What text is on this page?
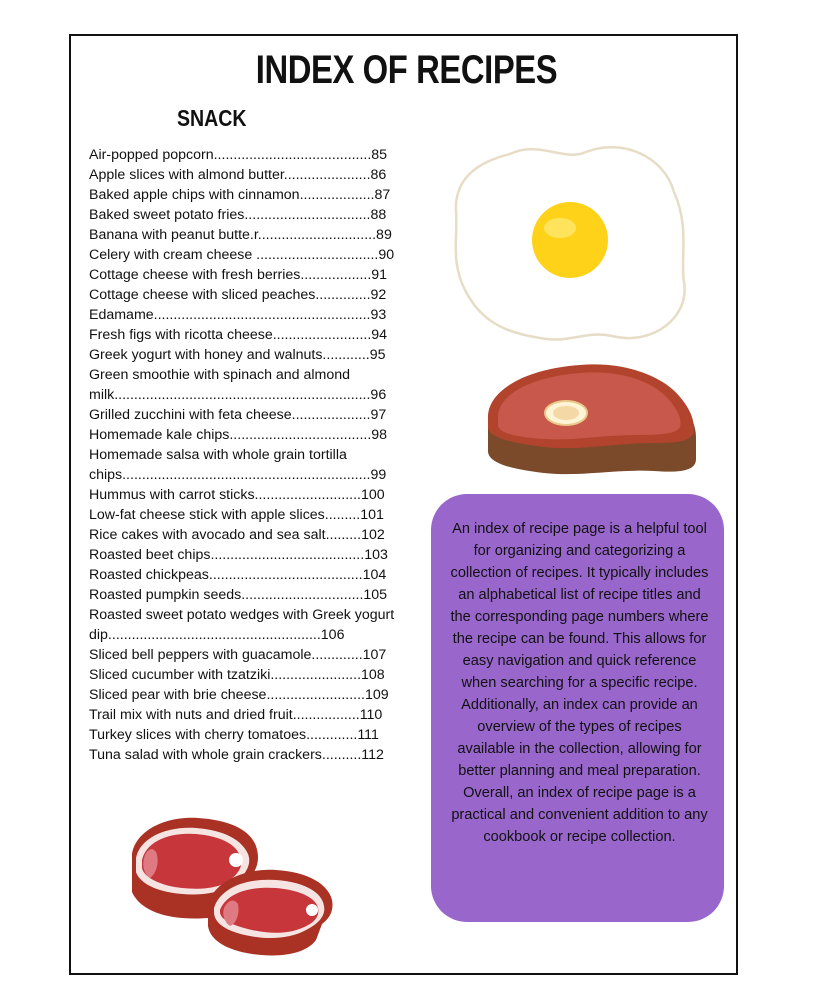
INDEX OF RECIPES
SNACK
Air-popped popcorn........................................85
Apple slices with almond butter......................86
Baked apple chips with cinnamon...................87
Baked sweet potato fries................................88
Banana with peanut butte.r..............................89
Celery with cream cheese ...............................90
Cottage cheese with fresh berries..................91
Cottage cheese with sliced peaches..............92
Edamame.......................................................93
Fresh figs with ricotta cheese.........................94
Greek yogurt with honey and walnuts............95
Green smoothie with spinach and almond milk.................................................................96
Grilled zucchini with feta cheese....................97
Homemade kale chips....................................98
Homemade salsa with whole grain tortilla chips...............................................................99
Hummus with carrot sticks...........................100
Low-fat cheese stick with apple slices.........101
Rice cakes with avocado and sea salt.........102
Roasted beet chips.......................................103
Roasted chickpeas.......................................104
Roasted pumpkin seeds...............................105
Roasted sweet potato wedges with Greek yogurt dip......................................................106
Sliced bell peppers with guacamole.............107
Sliced cucumber with tzatziki.......................108
Sliced pear with brie cheese.........................109
Trail mix with nuts and dried fruit.................110
Turkey slices with cherry tomatoes.............111
Tuna salad with whole grain crackers..........112
An index of recipe page is a helpful tool for organizing and categorizing a collection of recipes. It typically includes an alphabetical list of recipe titles and the corresponding page numbers where the recipe can be found. This allows for easy navigation and quick reference when searching for a specific recipe. Additionally, an index can provide an overview of the types of recipes available in the collection, allowing for better planning and meal preparation. Overall, an index of recipe page is a practical and convenient addition to any cookbook or recipe collection.
